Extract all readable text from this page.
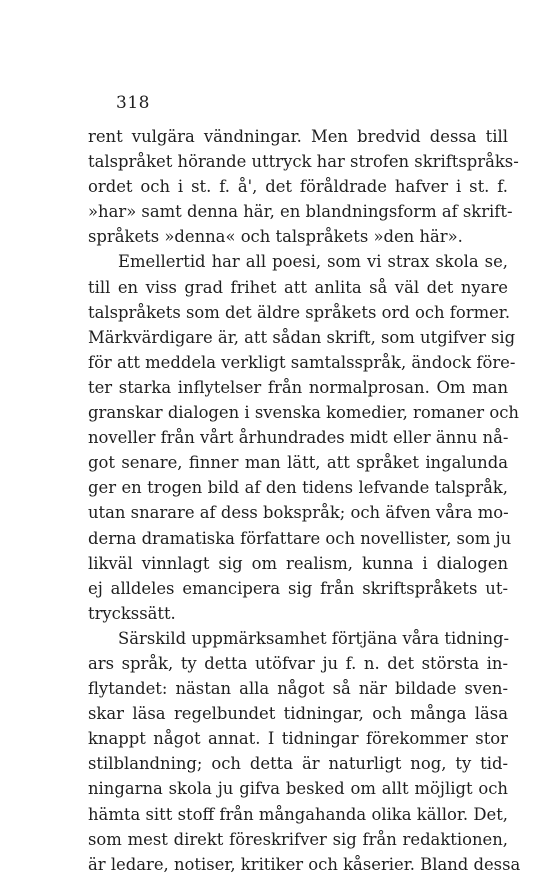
318
rent vulgära vändningar. Men bredvid dessa till
talspråket hörande uttryck har strofen skriftspråks-
ordet och i st. f. å', det föråldrade hafver i st. f.
»har» samt denna här, en blandningsform af skrift-
språkets »denna« och talspråkets »den här».
Emellertid har all poesi, som vi strax skola se,
till en viss grad frihet att anlita så väl det nyare
talspråkets som det äldre språkets ord och former.
Märkvärdigare är, att sådan skrift, som utgifver sig
för att meddela verkligt samtalsspråk, ändock före-
ter starka inflytelser från normalprosan. Om man
granskar dialogen i svenska komedier, romaner och
noveller från vårt århundrades midt eller ännu nå-
got senare, finner man lätt, att språket ingalunda
ger en trogen bild af den tidens lefvande talspråk,
utan snarare af dess bokspråk; och äfven våra mo-
derna dramatiska författare och novellister, som ju
likväl vinnlagt sig om realism, kunna i dialogen
ej alldeles emancipera sig från skriftspråkets ut-
tryckssätt.
Särskild uppmärksamhet förtjäna våra tidning-
ars språk, ty detta utöfvar ju f. n. det största in-
flytandet: nästan alla något så när bildade sven-
skar läsa regelbundet tidningar, och många läsa
knappt något annat. I tidningar förekommer stor
stilblandning; och detta är naturligt nog, ty tid-
ningarna skola ju gifva besked om allt möjligt och
hämta sitt stoff från mångahanda olika källor. Det,
som mest direkt föreskrifver sig från redaktionen,
är ledare, notiser, kritiker och kåserier. Bland dessa
